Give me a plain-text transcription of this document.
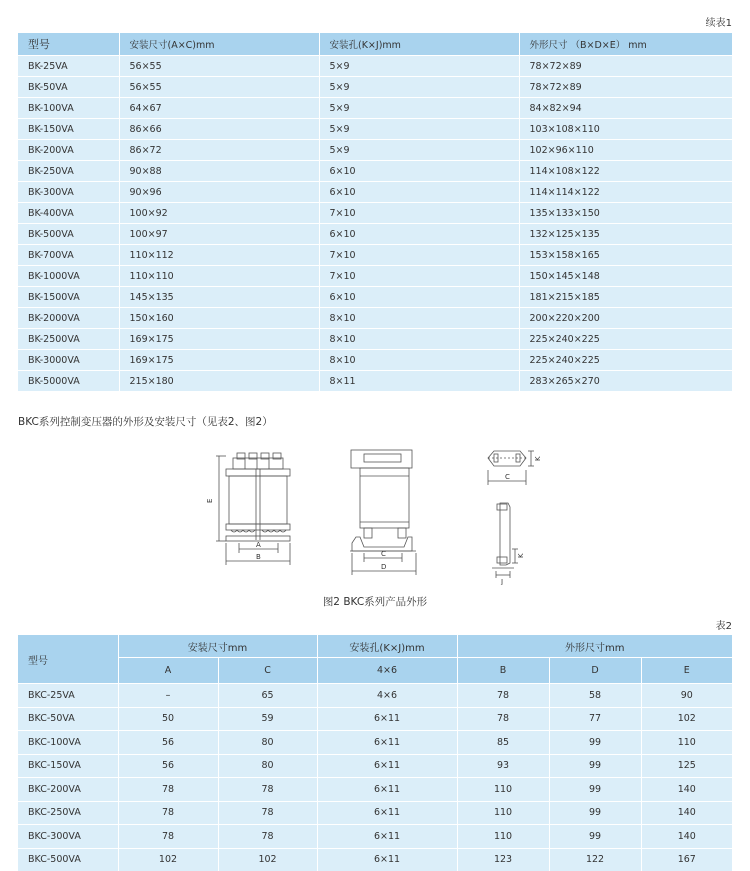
续表1
型号	安装尺寸(A×C)mm	安装孔(K×J)mm	外形尺寸 （B×D×E） mm
BK-25VA	56×55	5×9	78×72×89
BK-50VA	56×55	5×9	78×72×89
BK-100VA	64×67	5×9	84×82×94
BK-150VA	86×66	5×9	103×108×110
BK-200VA	86×72	5×9	102×96×110
BK-250VA	90×88	6×10	114×108×122
BK-300VA	90×96	6×10	114×114×122
BK-400VA	100×92	7×10	135×133×150
BK-500VA	100×97	6×10	132×125×135
BK-700VA	110×112	7×10	153×158×165
BK-1000VA	110×110	7×10	150×145×148
BK-1500VA	145×135	6×10	181×215×185
BK-2000VA	150×160	8×10	200×220×200
BK-2500VA	169×175	8×10	225×240×225
BK-3000VA	169×175	8×10	225×240×225
BK-5000VA	215×180	8×11	283×265×270
BKC系列控制变压器的外形及安装尺寸（见表2、图2）
E
A
B	C
D
C
K
K
J
图2 BKC系列产品外形
表2
型号	安装尺寸mm		安装孔(K×J)mm	外形尺寸mm		
	A	C	4×6	B	D	E
BKC-25VA	–	65	4×6	78	58	90
BKC-50VA	50	59	6×11	78	77	102
BKC-100VA	56	80	6×11	85	99	110
BKC-150VA	56	80	6×11	93	99	125
BKC-200VA	78	78	6×11	110	99	140
BKC-250VA	78	78	6×11	110	99	140
BKC-300VA	78	78	6×11	110	99	140
BKC-500VA	102	102	6×11	123	122	167
